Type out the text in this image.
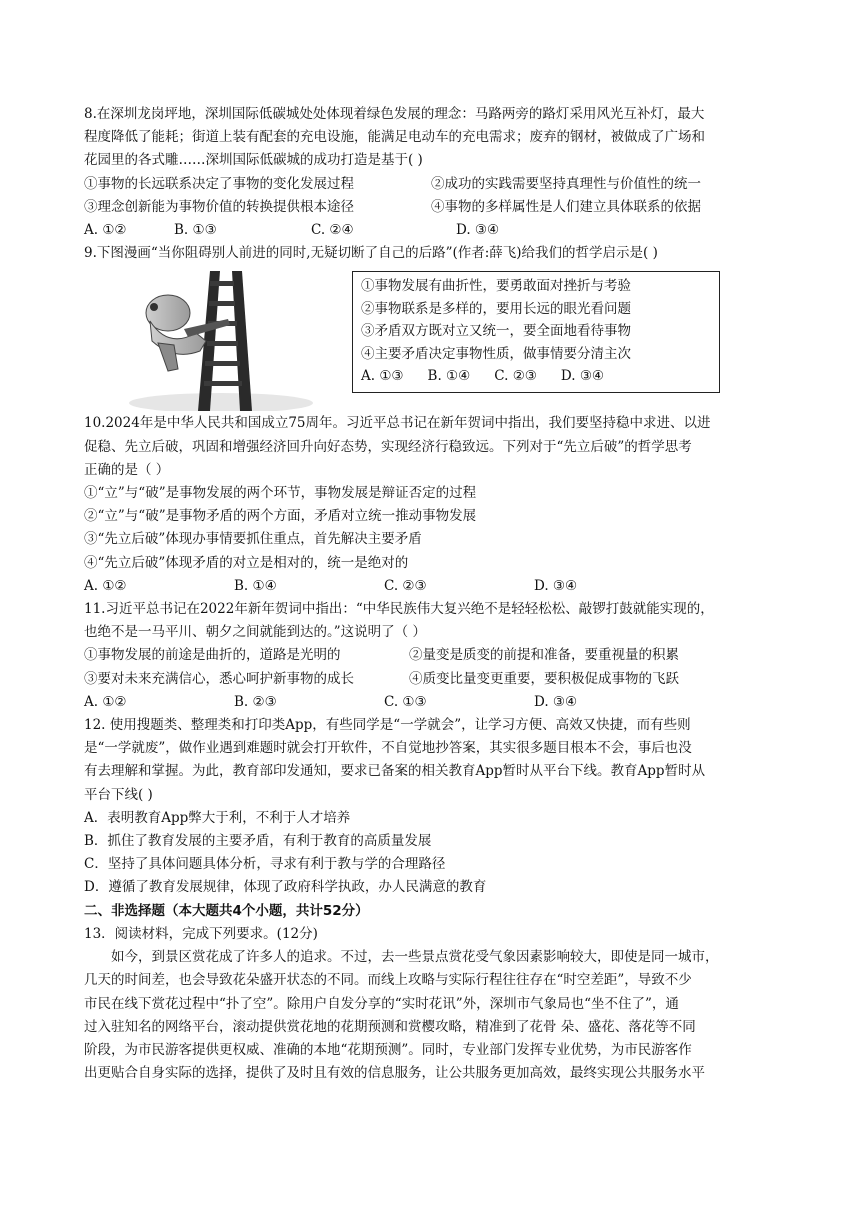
8.在深圳龙岗坪地，深圳国际低碳城处处体现着绿色发展的理念：马路两旁的路灯采用风光互补灯，最大
程度降低了能耗；街道上装有配套的充电设施，能满足电动车的充电需求；废弃的钢材，被做成了广场和
花园里的各式雕……深圳国际低碳城的成功打造是基于( )
①事物的长远联系决定了事物的变化发展过程	②成功的实践需要坚持真理性与价值性的统一
③理念创新能为事物价值的转换提供根本途径	④事物的多样属性是人们建立具体联系的依据
A. ①②	B. ①③	C. ②④	D. ③④
9.下图漫画“当你阻碍别人前进的同时,无疑切断了自己的后路”(作者:薛飞)给我们的哲学启示是( )
①事物发展有曲折性，要勇敢面对挫折与考验
②事物联系是多样的，要用长远的眼光看问题
③矛盾双方既对立又统一，要全面地看待事物
④主要矛盾决定事物性质，做事情要分清主次
A. ①③ B. ①④ C. ②③ D. ③④
10.2024年是中华人民共和国成立75周年。习近平总书记在新年贺词中指出，我们要坚持稳中求进、以进
促稳、先立后破，巩固和增强经济回升向好态势，实现经济行稳致远。下列对于“先立后破”的哲学思考
正确的是（ ）
①“立”与“破”是事物发展的两个环节，事物发展是辩证否定的过程
②“立”与“破”是事物矛盾的两个方面，矛盾对立统一推动事物发展
③“先立后破”体现办事情要抓住重点，首先解决主要矛盾
④“先立后破”体现矛盾的对立是相对的，统一是绝对的
A. ①②	B. ①④	C. ②③	D. ③④
11.习近平总书记在2022年新年贺词中指出：“中华民族伟大复兴绝不是轻轻松松、敲锣打鼓就能实现的，
也绝不是一马平川、朝夕之间就能到达的。”这说明了（ ）
①事物发展的前途是曲折的，道路是光明的	②量变是质变的前提和准备，要重视量的积累
③要对未来充满信心，悉心呵护新事物的成长	④质变比量变更重要，要积极促成事物的飞跃
A. ①②	B. ②③	C. ①③	D. ③④
12. 使用搜题类、整理类和打印类App，有些同学是“一学就会”，让学习方便、高效又快捷，而有些则
是“一学就废”，做作业遇到难题时就会打开软件，不自觉地抄答案，其实很多题目根本不会，事后也没
有去理解和掌握。为此，教育部印发通知，要求已备案的相关教育App暂时从平台下线。教育App暂时从
平台下线( )
A．表明教育App弊大于利，不利于人才培养
B．抓住了教育发展的主要矛盾，有利于教育的高质量发展
C．坚持了具体问题具体分析，寻求有利于教与学的合理路径
D．遵循了教育发展规律，体现了政府科学执政，办人民满意的教育
二、非选择题（本大题共4个小题，共计52分）
13．阅读材料，完成下列要求。(12分)
如今，到景区赏花成了许多人的追求。不过，去一些景点赏花受气象因素影响较大，即使是同一城市，
几天的时间差，也会导致花朵盛开状态的不同。而线上攻略与实际行程往往存在“时空差距”，导致不少
市民在线下赏花过程中“扑了空”。除用户自发分享的“实时花讯”外，深圳市气象局也“坐不住了”，通
过入驻知名的网络平台，滚动提供赏花地的花期预测和赏樱攻略，精准到了花骨 朵、盛花、落花等不同
阶段，为市民游客提供更权威、准确的本地“花期预测”。同时，专业部门发挥专业优势，为市民游客作
出更贴合自身实际的选择，提供了及时且有效的信息服务，让公共服务更加高效，最终实现公共服务水平
